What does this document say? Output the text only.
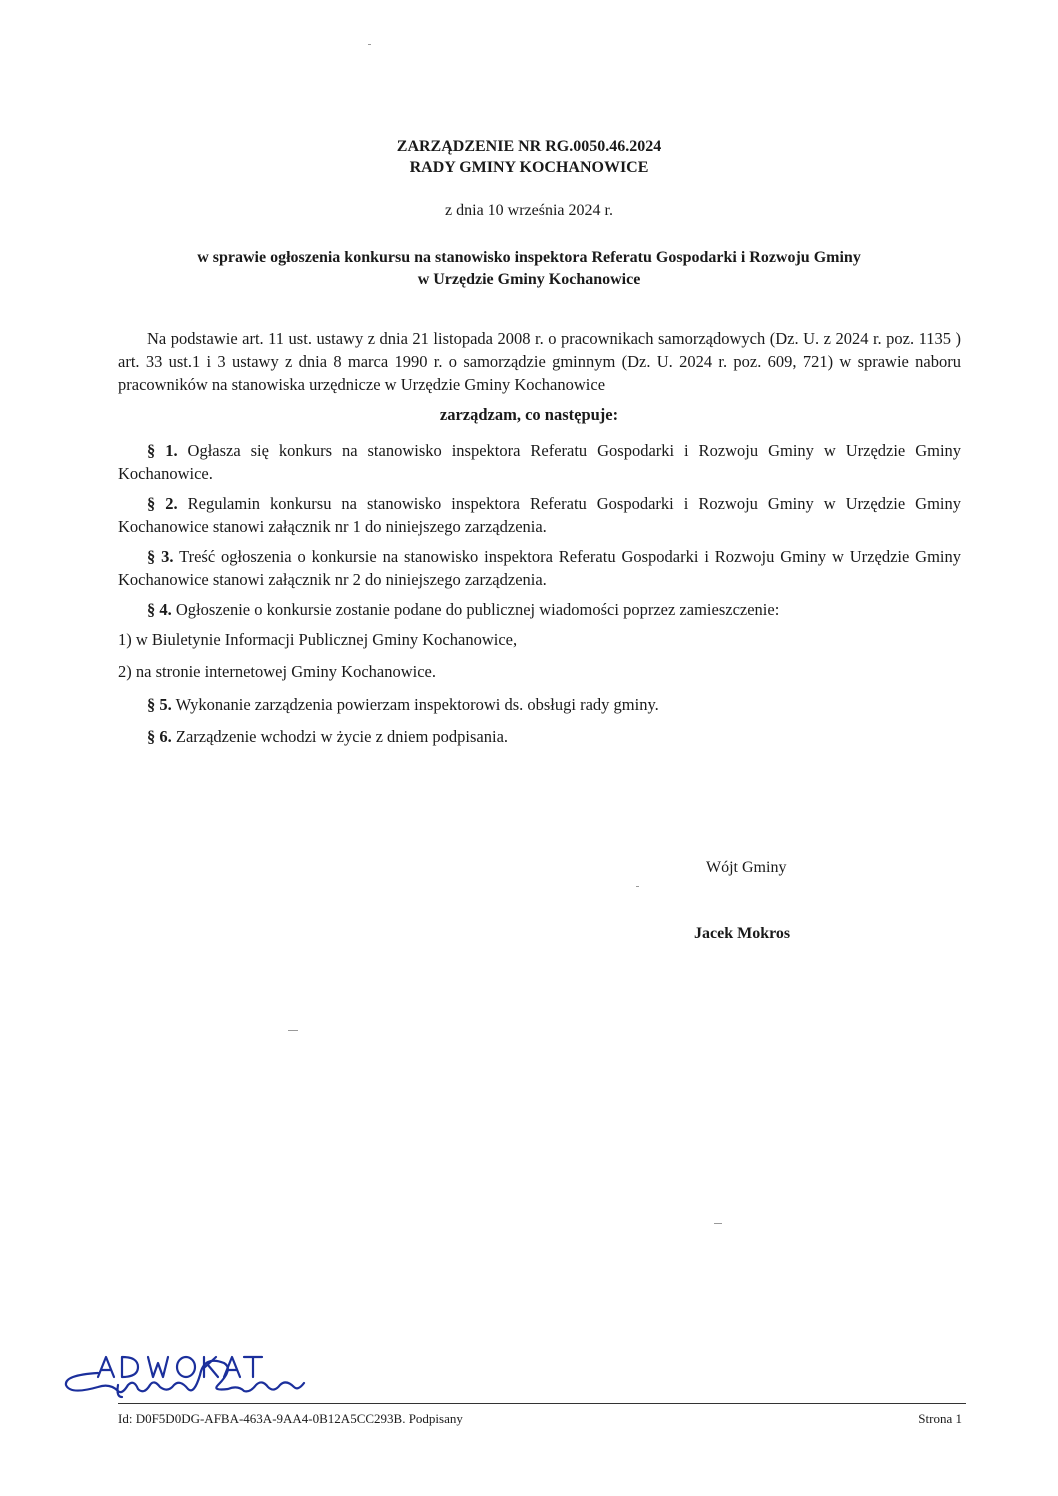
ZARZĄDZENIE NR RG.0050.46.2024
RADY GMINY KOCHANOWICE
z dnia 10 września 2024 r.
w sprawie ogłoszenia konkursu na stanowisko inspektora Referatu Gospodarki i Rozwoju Gminy
w Urzędzie Gminy Kochanowice
Na podstawie art. 11 ust. ustawy z dnia 21 listopada 2008 r. o pracownikach samorządowych (Dz. U. z 2024 r. poz. 1135 ) art. 33 ust.1 i 3 ustawy z dnia 8 marca 1990 r. o samorządzie gminnym (Dz. U. 2024 r. poz. 609, 721) w sprawie naboru pracowników na stanowiska urzędnicze w Urzędzie Gminy Kochanowice
zarządzam, co następuje:
§ 1. Ogłasza się konkurs na stanowisko inspektora Referatu Gospodarki i Rozwoju Gminy w Urzędzie Gminy Kochanowice.
§ 2. Regulamin konkursu na stanowisko inspektora Referatu Gospodarki i Rozwoju Gminy w Urzędzie Gminy Kochanowice stanowi załącznik nr 1 do niniejszego zarządzenia.
§ 3. Treść ogłoszenia o konkursie na stanowisko inspektora Referatu Gospodarki i Rozwoju Gminy w Urzędzie Gminy Kochanowice stanowi załącznik nr 2 do niniejszego zarządzenia.
§ 4. Ogłoszenie o konkursie zostanie podane do publicznej wiadomości poprzez zamieszczenie:
1) w Biuletynie Informacji Publicznej Gminy Kochanowice,
2) na stronie internetowej Gminy Kochanowice.
§ 5. Wykonanie zarządzenia powierzam inspektorowi ds. obsługi rady gminy.
§ 6. Zarządzenie wchodzi w życie z dniem podpisania.
Wójt Gminy
Jacek Mokros
Id: D0F5D0DG-AFBA-463A-9AA4-0B12A5CC293B. Podpisany	Strona 1
